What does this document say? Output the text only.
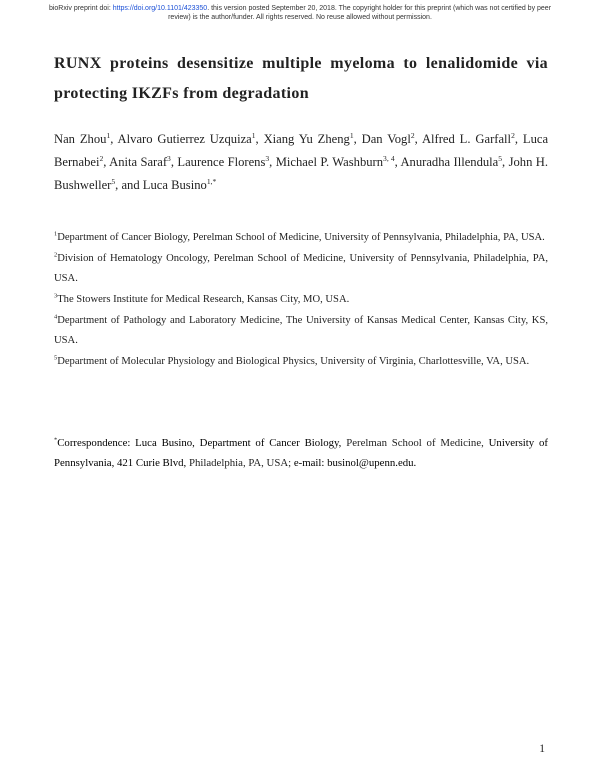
bioRxiv preprint doi: https://doi.org/10.1101/423350. this version posted September 20, 2018. The copyright holder for this preprint (which was not certified by peer review) is the author/funder. All rights reserved. No reuse allowed without permission.
RUNX proteins desensitize multiple myeloma to lenalidomide via protecting IKZFs from degradation
Nan Zhou$^1$, Alvaro Gutierrez Uzquiza$^1$, Xiang Yu Zheng$^1$, Dan Vogl$^2$, Alfred L. Garfall$^2$, Luca Bernabei$^2$, Anita Saraf$^3$, Laurence Florens$^3$, Michael P. Washburn$^{3, 4}$, Anuradha Illendula$^5$, John H. Bushweller$^5$, and Luca Busino$^{1,*}$
$^1$Department of Cancer Biology, Perelman School of Medicine, University of Pennsylvania, Philadelphia, PA, USA.
$^2$Division of Hematology Oncology, Perelman School of Medicine, University of Pennsylvania, Philadelphia, PA, USA.
$^3$The Stowers Institute for Medical Research, Kansas City, MO, USA.
$^4$Department of Pathology and Laboratory Medicine, The University of Kansas Medical Center, Kansas City, KS, USA.
$^5$Department of Molecular Physiology and Biological Physics, University of Virginia, Charlottesville, VA, USA.
*Correspondence: Luca Busino, Department of Cancer Biology, Perelman School of Medicine, University of Pennsylvania, 421 Curie Blvd, Philadelphia, PA, USA; e-mail: businol@upenn.edu.
1
